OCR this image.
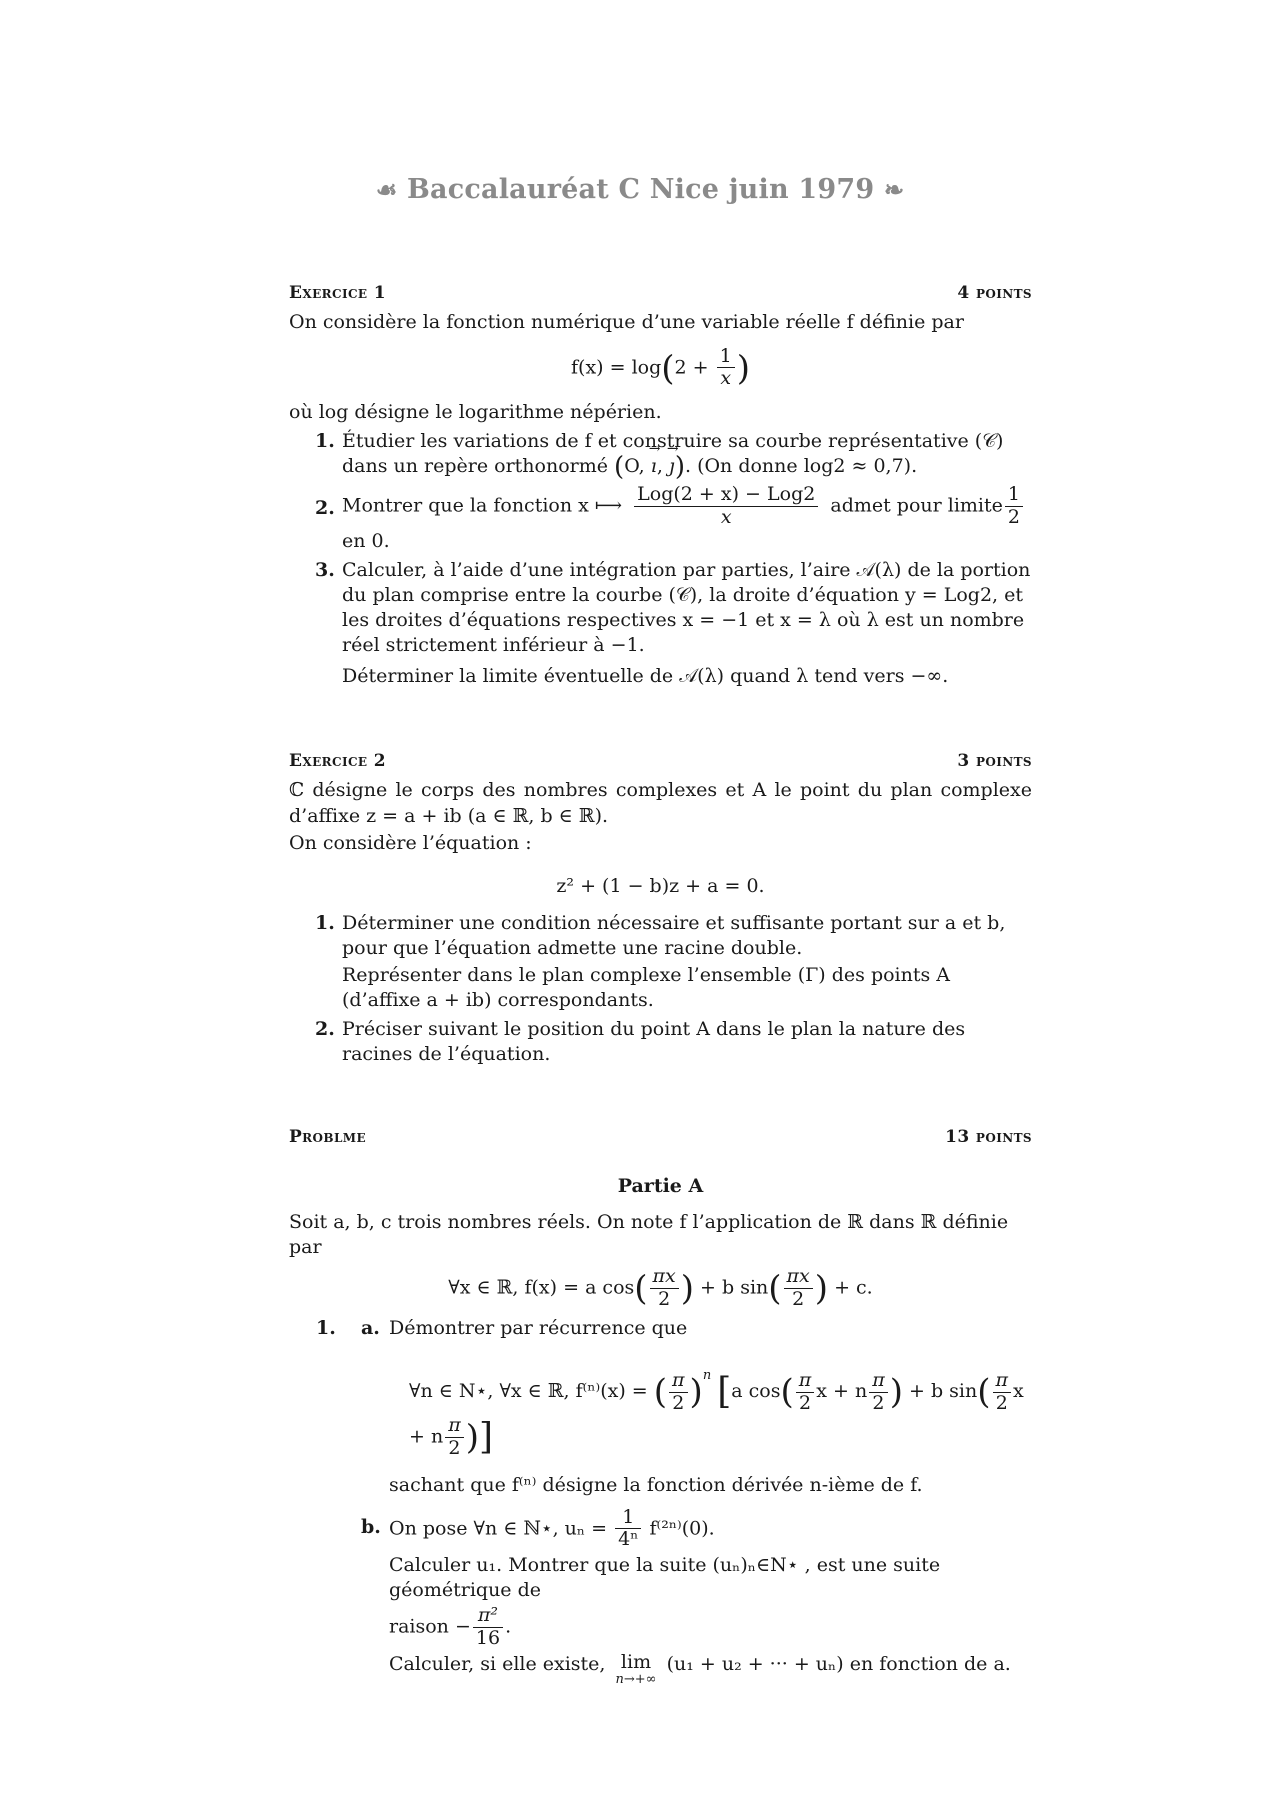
☙ Baccalauréat C Nice juin 1979 ❧
Exercice 1	4 points

On considère la fonction numérique d’une variable réelle f définie par

$f(x) = \log(2 + \frac{1}{x}$ )

où log désigne le logarithme népérien.

1. Étudier les variations de f et construire sa courbe représentative (𝒞) dans un repère orthonormé (O, → ı, → ȷ). (On donne log2 ≈ 0,7).
2. Montrer que la fonction x ⟼ $\frac{\text{Log(2 + x) − Log2}}{x}$ admet pour limite $\frac{1}{2}$
en 0.
3. Calculer, à l’aide d’une intégration par parties, l’aire 𝒜(λ) de la portion du plan comprise entre la courbe (𝒞), la droite d’équation y = Log2, et les droites d’équations respectives x = −1 et x = λ où λ est un nombre réel strictement inférieur à −1.
Déterminer la limite éventuelle de 𝒜(λ) quand λ tend vers −∞.
Exercice 2	3 points

ℂ désigne le corps des nombres complexes et A le point du plan complexe d’affixe z = a + ib (a ∈ ℝ, b ∈ ℝ).

On considère l’équation :

z² + (1 − b)z + a = 0.
1. Déterminer une condition nécessaire et suffisante portant sur a et b, pour que l’équation admette une racine double.
Représenter dans le plan complexe l’ensemble (Γ) des points A (d’affixe a + ib) correspondants.
2. Préciser suivant le position du point A dans le plan la nature des racines de l’équation.
Problme	13 points
Partie A

Soit a, b, c trois nombres réels. On note f l’application de ℝ dans ℝ définie par

∀x ∈ ℝ, f(x) = a $\cos( \frac{\pi x}{2}$ ) + b $\sin( \frac{\pi x}{2}$ ) + c.
1. a. Démontrer par récurrence que
∀n ∈ N⋆, ∀x ∈ ℝ, f⁽ⁿ⁾(x) = ( $\frac{\pi}{2} )^n$ [a $\cos( \frac{\pi}{2}$ x + n $\frac{\pi}{2}$ ) + b $\sin( \frac{\pi}{2}$ x + n $\frac{\pi}{2}$ )]
sachant que f⁽ⁿ⁾ désigne la fonction dérivée n-ième de f.
b. On pose ∀n ∈ ℕ⋆, $u_n = \frac{1}{\text{4ⁿ}} f^{(2n)}(0)$.
Calculer u₁. Montrer que la suite (uₙ)ₙ∈N⋆ , est une suite géométrique de
raison − $\frac{\text{π²}}{16}$ .
Calculer, si elle existe, lim
n→+∞
(u₁ + u₂ + ··· + uₙ) en fonction de a.
